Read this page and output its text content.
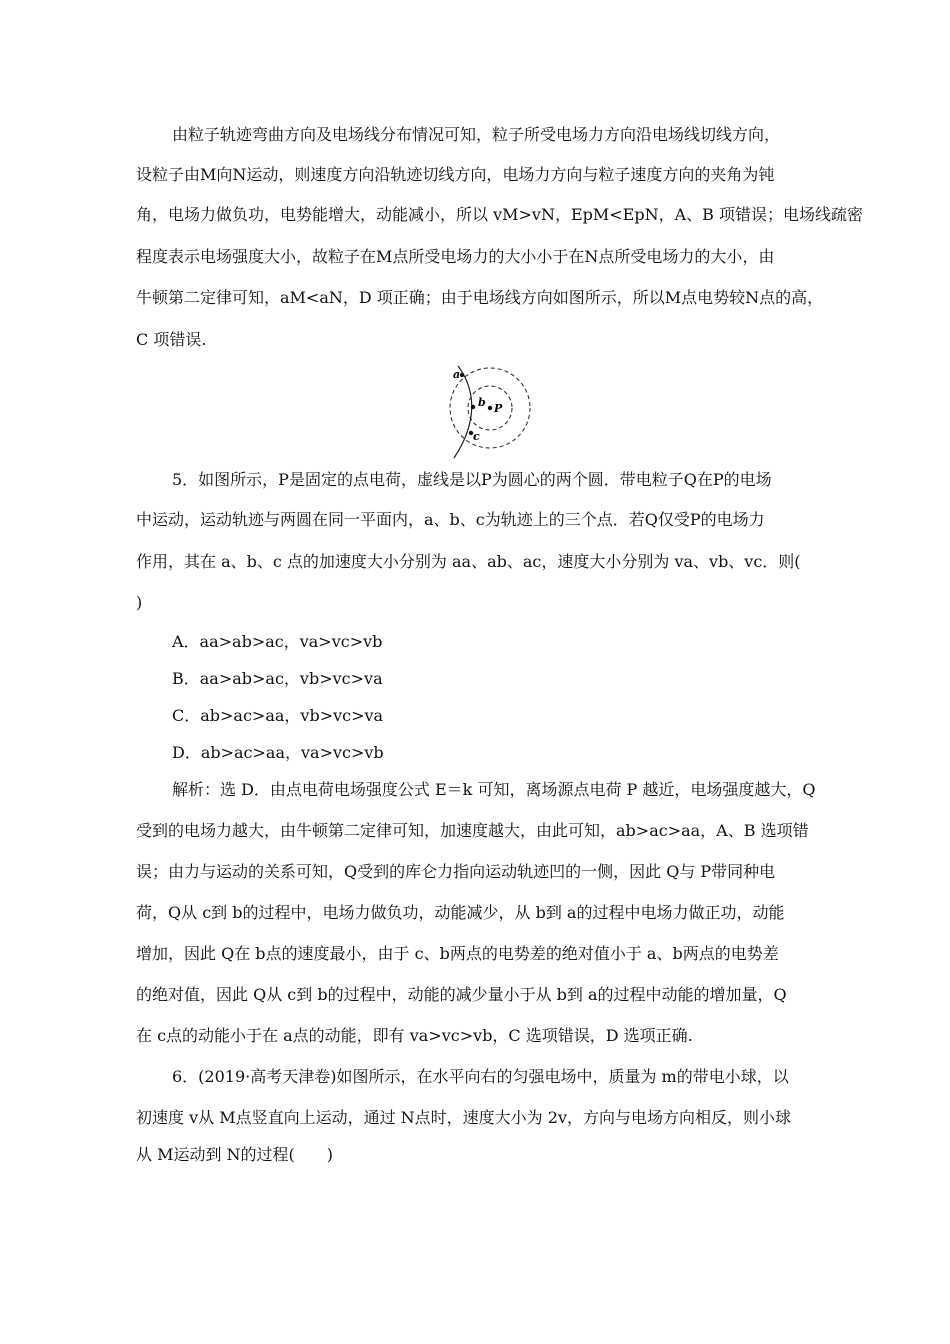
由粒子轨迹弯曲方向及电场线分布情况可知，粒子所受电场力方向沿电场线切线方向，
设粒子由M向N运动，则速度方向沿轨迹切线方向，电场力方向与粒子速度方向的夹角为钝
角，电场力做负功，电势能增大，动能减小，所以 vM>vN，EpM<EpN，A、B 项错误；电场线疏密
程度表示电场强度大小，故粒子在M点所受电场力的大小小于在N点所受电场力的大小，由
牛顿第二定律可知，aM<aN，D 项正确；由于电场线方向如图所示，所以M点电势较N点的高，
C 项错误.
a
b
c
P
5．如图所示，P是固定的点电荷，虚线是以P为圆心的两个圆．带电粒子Q在P的电场
中运动，运动轨迹与两圆在同一平面内，a、b、c为轨迹上的三个点．若Q仅受P的电场力
作用，其在 a、b、c 点的加速度大小分别为 aa、ab、ac，速度大小分别为 va、vb、vc．则(
)
A．aa>ab>ac，va>vc>vb
B．aa>ab>ac，vb>vc>va
C．ab>ac>aa，vb>vc>va
D．ab>ac>aa，va>vc>vb
解析：选 D．由点电荷电场强度公式 E＝k 可知，离场源点电荷 P 越近，电场强度越大，Q
受到的电场力越大，由牛顿第二定律可知，加速度越大，由此可知，ab>ac>aa，A、B 选项错
误；由力与运动的关系可知，Q受到的库仑力指向运动轨迹凹的一侧，因此 Q与 P带同种电
荷，Q从 c到 b的过程中，电场力做负功，动能减少，从 b到 a的过程中电场力做正功，动能
增加，因此 Q在 b点的速度最小，由于 c、b两点的电势差的绝对值小于 a、b两点的电势差
的绝对值，因此 Q从 c到 b的过程中，动能的减少量小于从 b到 a的过程中动能的增加量，Q
在 c点的动能小于在 a点的动能，即有 va>vc>vb，C 选项错误，D 选项正确.
6．(2019·高考天津卷)如图所示，在水平向右的匀强电场中，质量为 m的带电小球，以
初速度 v从 M点竖直向上运动，通过 N点时，速度大小为 2v，方向与电场方向相反，则小球
从 M运动到 N的过程(　　)
